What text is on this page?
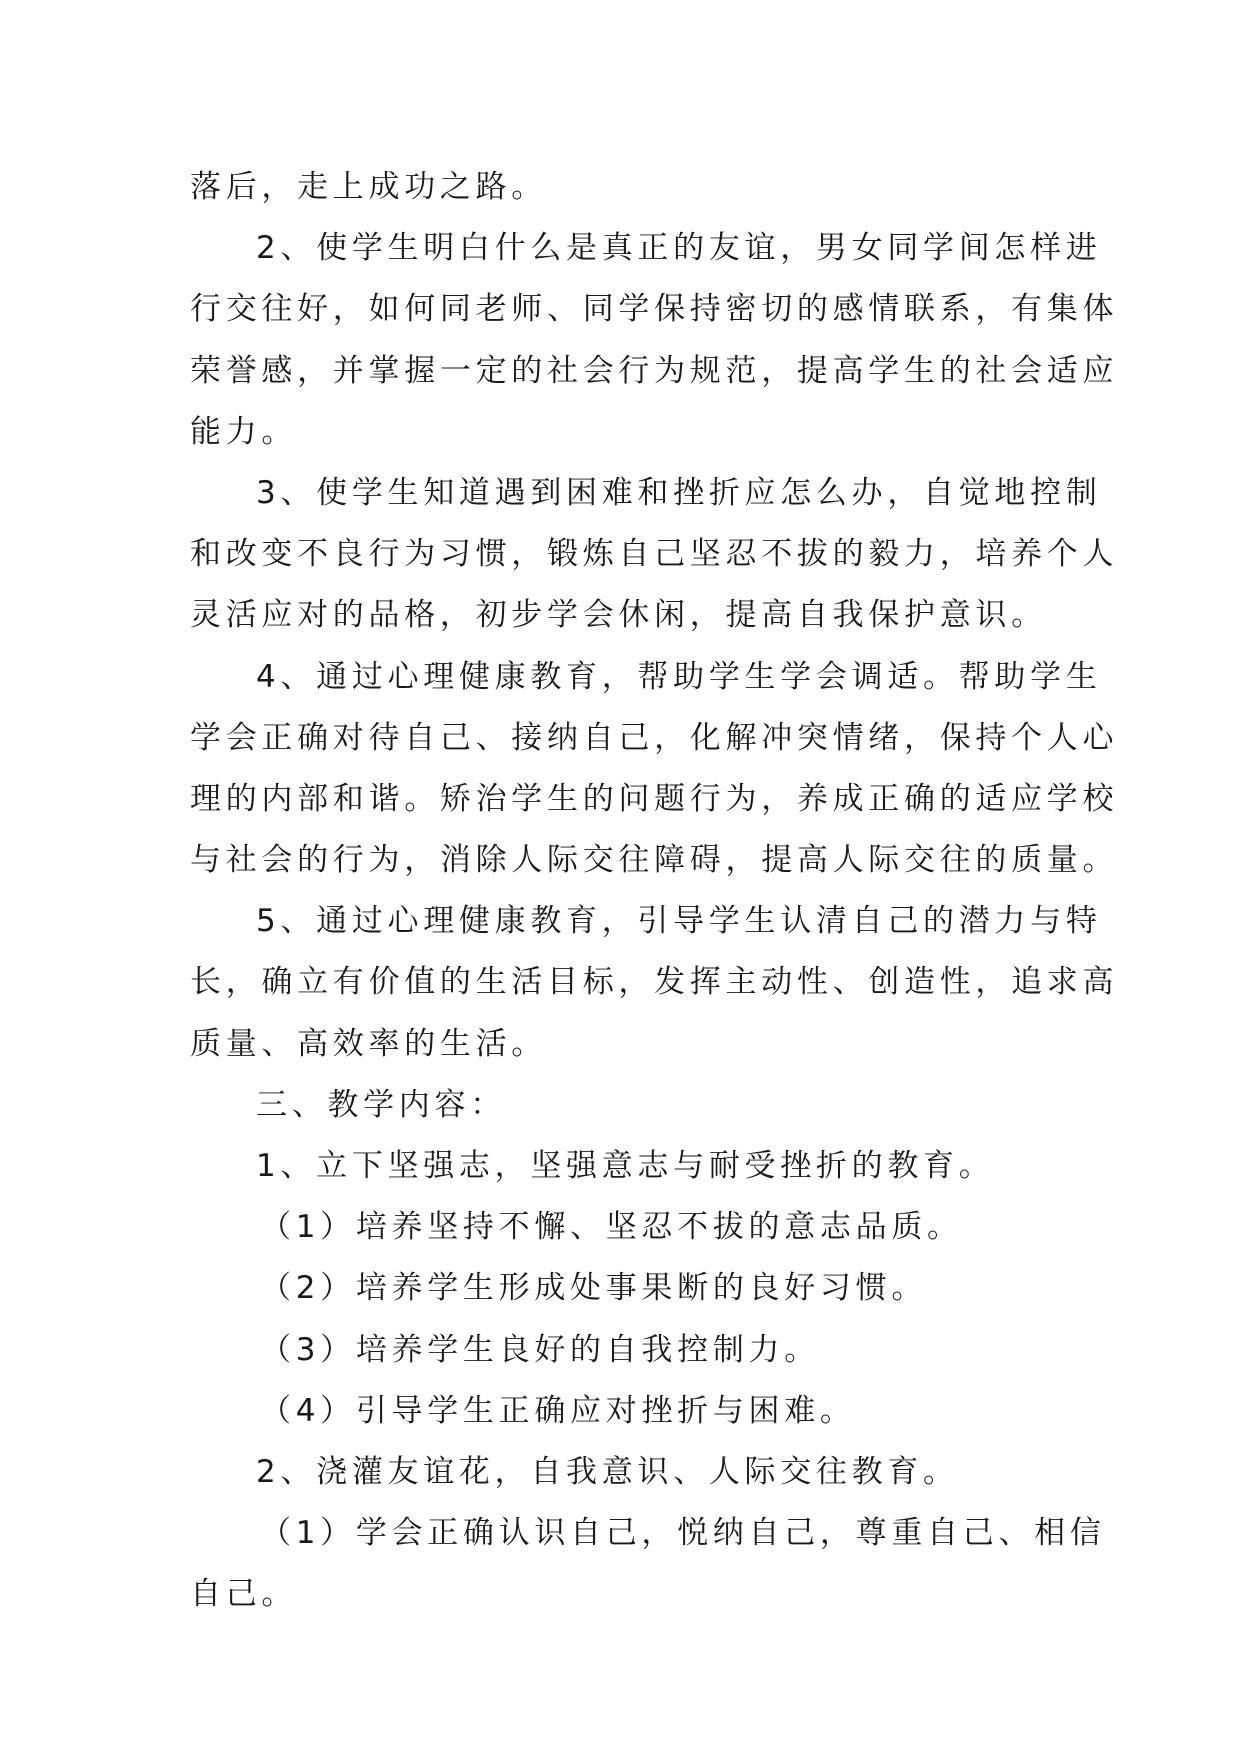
落后，走上成功之路。
2、使学生明白什么是真正的友谊，男女同学间怎样进
行交往好，如何同老师、同学保持密切的感情联系，有集体
荣誉感，并掌握一定的社会行为规范，提高学生的社会适应
能力。
3、使学生知道遇到困难和挫折应怎么办，自觉地控制
和改变不良行为习惯，锻炼自己坚忍不拔的毅力，培养个人
灵活应对的品格，初步学会休闲，提高自我保护意识。
4、通过心理健康教育，帮助学生学会调适。帮助学生
学会正确对待自己、接纳自己，化解冲突情绪，保持个人心
理的内部和谐。矫治学生的问题行为，养成正确的适应学校
与社会的行为，消除人际交往障碍，提高人际交往的质量。
5、通过心理健康教育，引导学生认清自己的潜力与特
长，确立有价值的生活目标，发挥主动性、创造性，追求高
质量、高效率的生活。
三、教学内容：
1、立下坚强志，坚强意志与耐受挫折的教育。
（1）培养坚持不懈、坚忍不拔的意志品质。
（2）培养学生形成处事果断的良好习惯。
（3）培养学生良好的自我控制力。
（4）引导学生正确应对挫折与困难。
2、浇灌友谊花，自我意识、人际交往教育。
（1）学会正确认识自己，悦纳自己，尊重自己、相信
自己。
